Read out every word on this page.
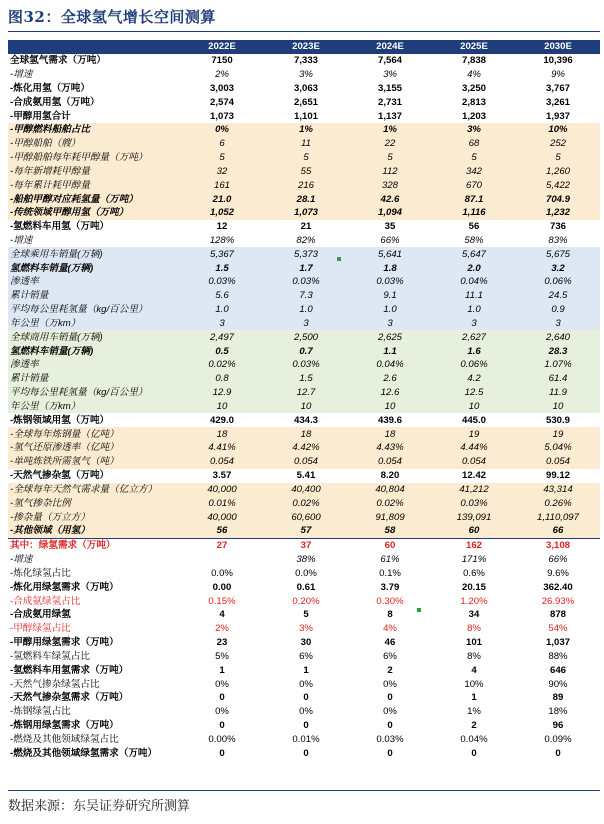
图32：全球氢气增长空间测算
	2022E	2023E	2024E	2025E	2030E
全球氢气需求（万吨）	7150	7,333	7,564	7,838	10,396
-增速	2%	3%	3%	4%	9%
-炼化用氢（万吨）	3,003	3,063	3,155	3,250	3,767
-合成氨用氢（万吨）	2,574	2,651	2,731	2,813	3,261
-甲醇用氢合计	1,073	1,101	1,137	1,203	1,937
-甲醇燃料船舶占比	0%	1%	1%	3%	10%
-甲醇船舶（艘）	6	11	22	68	252
-甲醇船舶每年耗甲醇量（万吨）	5	5	5	5	5
-每年新增耗甲醇量	32	55	112	342	1,260
-每年累计耗甲醇量	161	216	328	670	5,422
-船舶甲醇对应耗氢量（万吨）	21.0	28.1	42.6	87.1	704.9
-传统领域甲醇用氢（万吨）	1,052	1,073	1,094	1,116	1,232
-氢燃料车用氢（万吨）	12	21	35	56	736
-增速	128%	82%	66%	58%	83%
全球乘用车销量(万辆)	5,367	5,373	5,641	5,647	5,675
氢燃料车销量(万辆)	1.5	1.7	1.8	2.0	3.2
渗透率	0.03%	0.03%	0.03%	0.04%	0.06%
累计销量	5.6	7.3	9.1	11.1	24.5
平均每公里耗氢量（kg/百公里）	1.0	1.0	1.0	1.0	0.9
年公里（万km）	3	3	3	3	3
全球商用车销量(万辆)	2,497	2,500	2,625	2,627	2,640
氢燃料车销量(万辆)	0.5	0.7	1.1	1.6	28.3
渗透率	0.02%	0.03%	0.04%	0.06%	1.07%
累计销量	0.8	1.5	2.6	4.2	61.4
平均每公里耗氢量（kg/百公里）	12.9	12.7	12.6	12.5	11.9
年公里（万km）	10	10	10	10	10
-炼钢领域用氢（万吨）	429.0	434.3	439.6	445.0	530.9
-全球每年炼钢量（亿吨）	18	18	18	19	19
-氢气还原渗透率（亿吨）	4.41%	4.42%	4.43%	4.44%	5.04%
-单吨炼铁所需氢气（吨）	0.054	0.054	0.054	0.054	0.054
-天然气掺杂氢（万吨）	3.57	5.41	8.20	12.42	99.12
-全球每年天然气需求量（亿立方）	40,000	40,400	40,804	41,212	43,314
-氢气掺杂比例	0.01%	0.02%	0.02%	0.03%	0.26%
-掺杂量（万立方）	40,000	60,600	91,809	139,091	1,110,097
-其他领域（用氢）	56	57	58	60	66
其中：绿氢需求（万吨）	27	37	60	162	3,108
-增速		38%	61%	171%	66%
-炼化绿氢占比	0.0%	0.0%	0.1%	0.6%	9.6%
-炼化用绿氢需求（万吨）	0.00	0.61	3.79	20.15	362.40
-合成氨绿氢占比	0.15%	0.20%	0.30%	1.20%	26.93%
-合成氨用绿氢	4	5	8	34	878
-甲醇绿氢占比	2%	3%	4%	8%	54%
-甲醇用绿氢需求（万吨）	23	30	46	101	1,037
-氢燃料车绿氢占比	5%	6%	6%	8%	88%
-氢燃料车用氢需求（万吨）	1	1	2	4	646
-天然气掺杂绿氢占比	0%	0%	0%	10%	90%
-天然气掺杂氢需求（万吨）	0	0	0	1	89
-炼钢绿氢占比	0%	0%	0%	1%	18%
-炼钢用绿氢需求（万吨）	0	0	0	2	96
-燃烧及其他领域绿氢占比	0.00%	0.01%	0.03%	0.04%	0.09%
-燃烧及其他领域绿氢需求（万吨）	0	0	0	0	0
数据来源：东吴证券研究所测算
